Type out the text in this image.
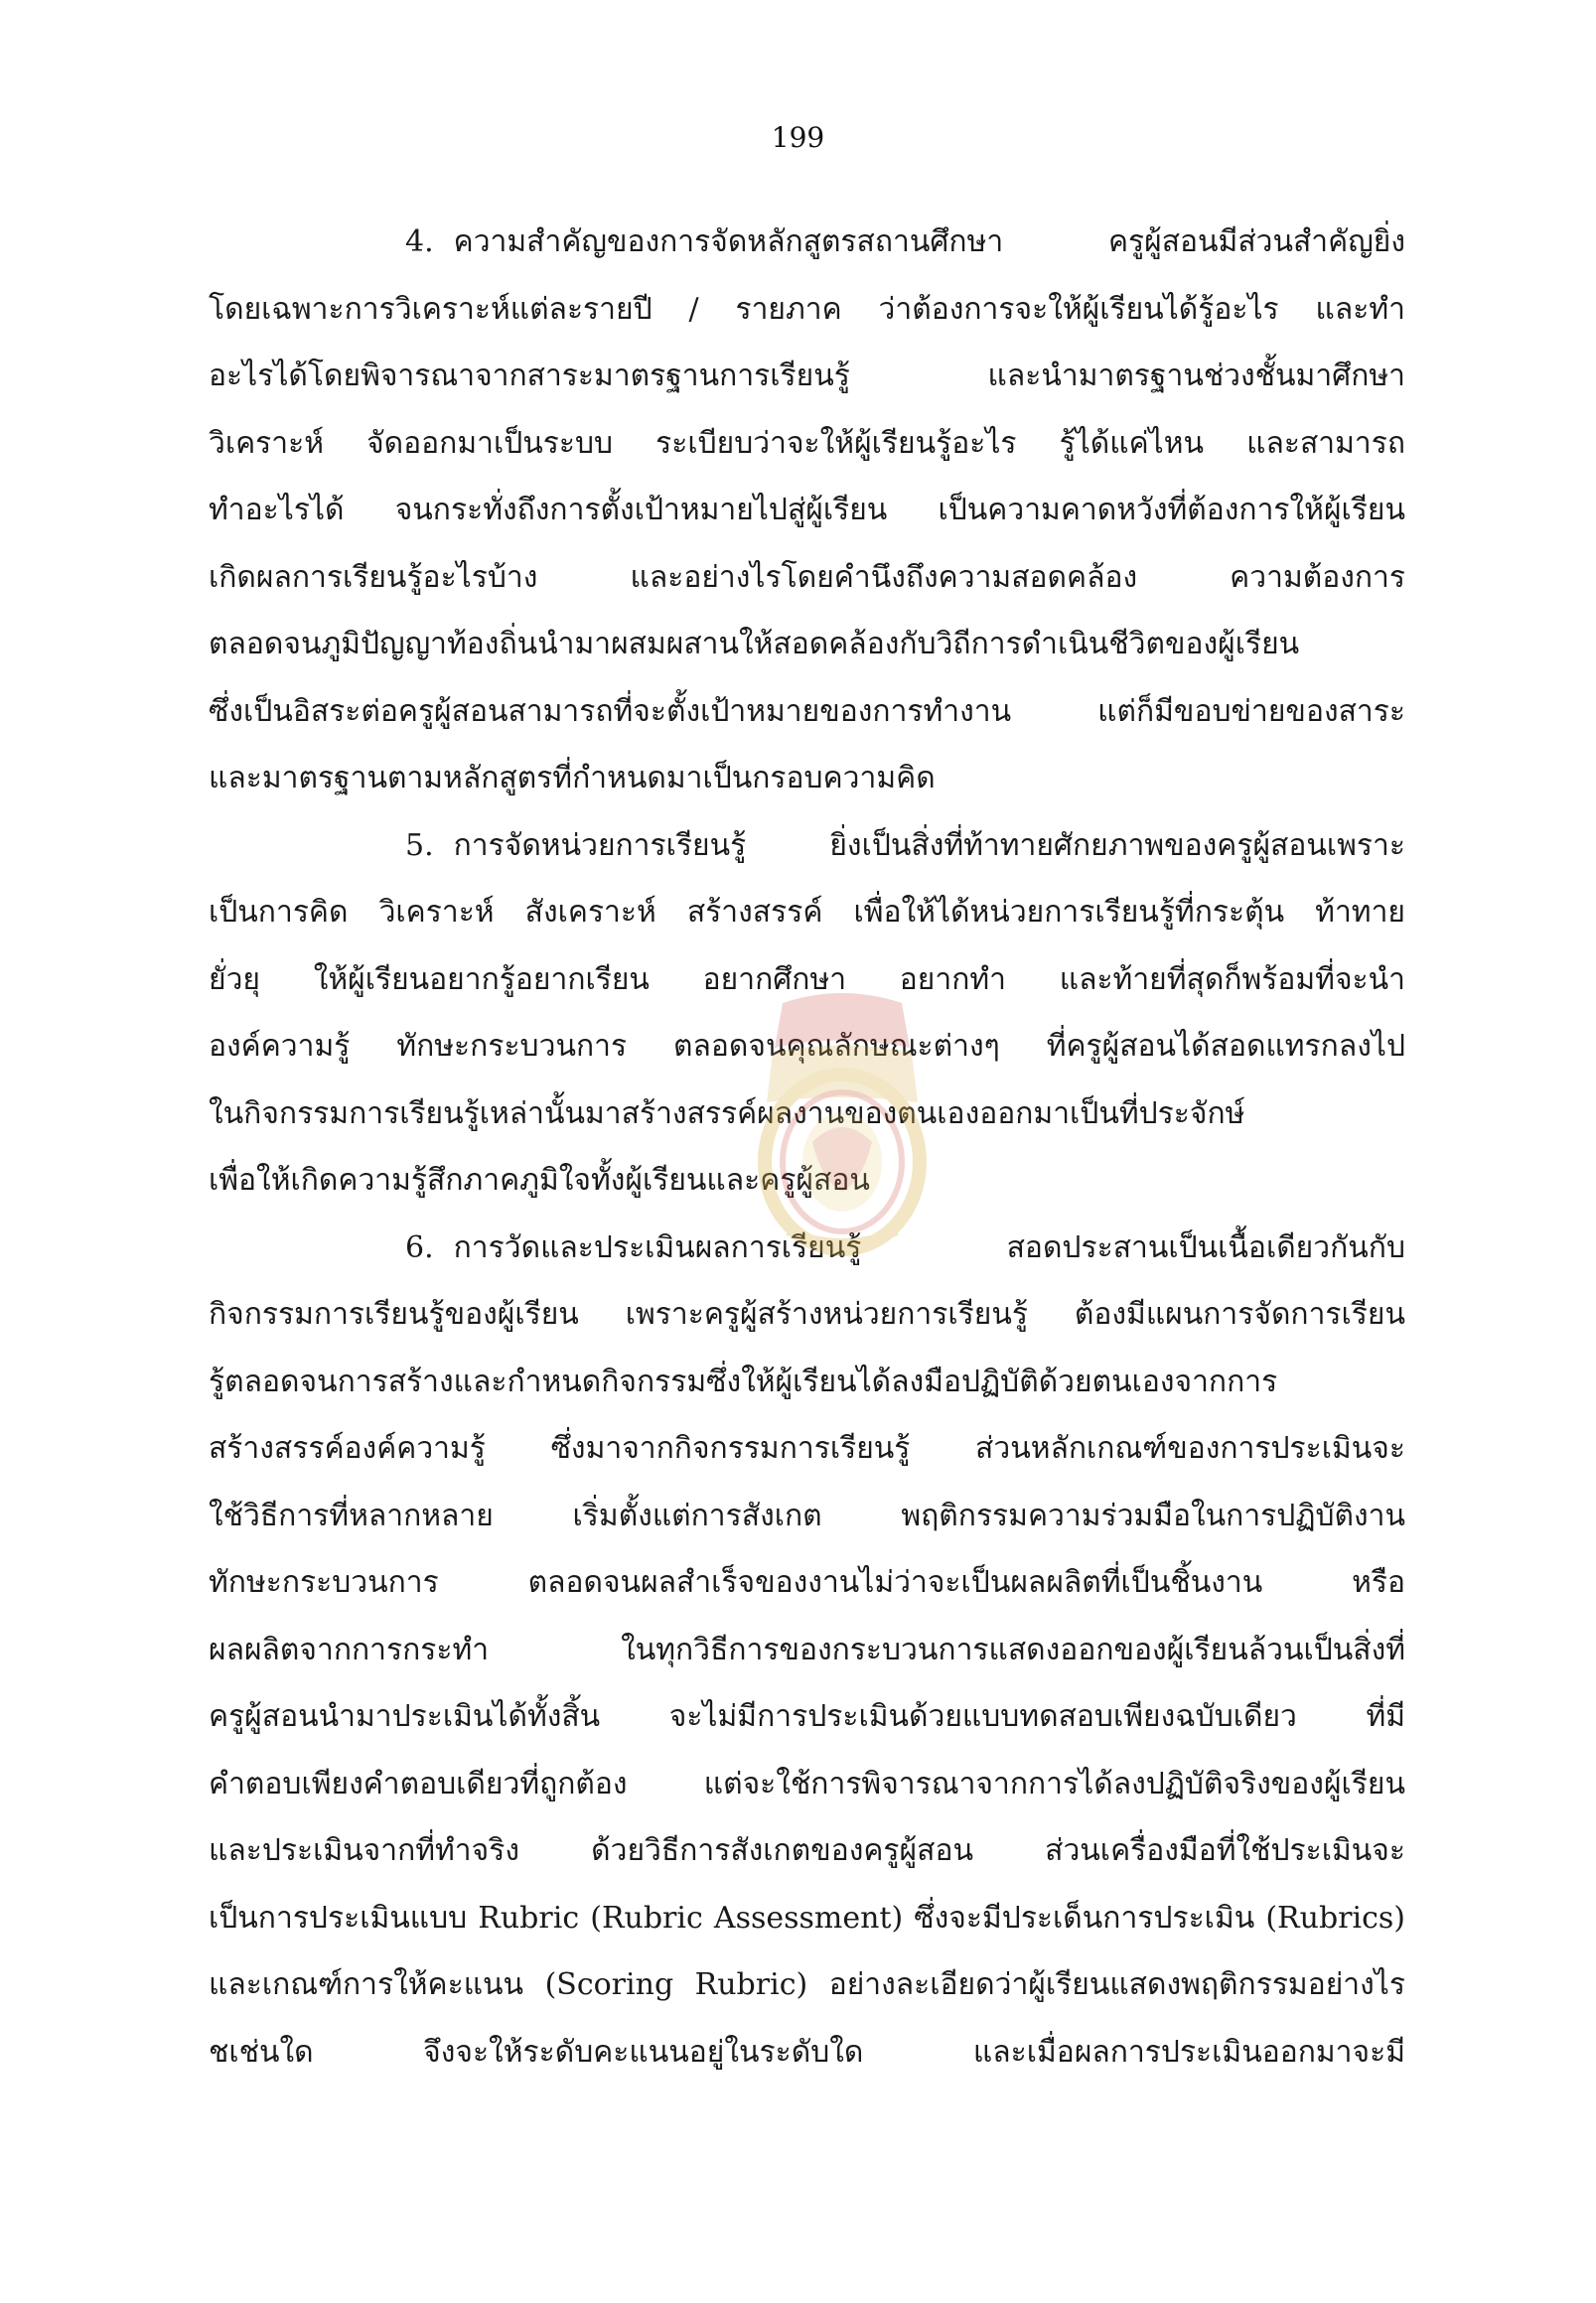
199
4. ความสำคัญของการจัดหลักสูตรสถานศึกษา ครูผู้สอนมีส่วนสำคัญยิ่ง
โดยเฉพาะการวิเคราะห์แต่ละรายปี / รายภาค ว่าต้องการจะให้ผู้เรียนได้รู้อะไร และทำ
อะไรได้โดยพิจารณาจากสาระมาตรฐานการเรียนรู้ และนำมาตรฐานช่วงชั้นมาศึกษา
วิเคราะห์ จัดออกมาเป็นระบบ ระเบียบว่าจะให้ผู้เรียนรู้อะไร รู้ได้แค่ไหน และสามารถ
ทำอะไรได้ จนกระทั่งถึงการตั้งเป้าหมายไปสู่ผู้เรียน เป็นความคาดหวังที่ต้องการให้ผู้เรียน
เกิดผลการเรียนรู้อะไรบ้าง และอย่างไรโดยคำนึงถึงความสอดคล้อง ความต้องการ
ตลอดจนภูมิปัญญาท้องถิ่นนำมาผสมผสานให้สอดคล้องกับวิถีการดำเนินชีวิตของผู้เรียน
ซึ่งเป็นอิสระต่อครูผู้สอนสามารถที่จะตั้งเป้าหมายของการทำงาน แต่ก็มีขอบข่ายของสาระ
และมาตรฐานตามหลักสูตรที่กำหนดมาเป็นกรอบความคิด
5. การจัดหน่วยการเรียนรู้ ยิ่งเป็นสิ่งที่ท้าทายศักยภาพของครูผู้สอนเพราะ
เป็นการคิด วิเคราะห์ สังเคราะห์ สร้างสรรค์ เพื่อให้ได้หน่วยการเรียนรู้ที่กระตุ้น ท้าทาย
ยั่วยุ ให้ผู้เรียนอยากรู้อยากเรียน อยากศึกษา อยากทำ และท้ายที่สุดก็พร้อมที่จะนำ
องค์ความรู้ ทักษะกระบวนการ ตลอดจนคุณลักษณะต่างๆ ที่ครูผู้สอนได้สอดแทรกลงไป
ในกิจกรรมการเรียนรู้เหล่านั้นมาสร้างสรรค์ผลงานของตนเองออกมาเป็นที่ประจักษ์
เพื่อให้เกิดความรู้สึกภาคภูมิใจทั้งผู้เรียนและครูผู้สอน
6. การวัดและประเมินผลการเรียนรู้ สอดประสานเป็นเนื้อเดียวกันกับ
กิจกรรมการเรียนรู้ของผู้เรียน เพราะครูผู้สร้างหน่วยการเรียนรู้ ต้องมีแผนการจัดการเรียน
รู้ตลอดจนการสร้างและกำหนดกิจกรรมซึ่งให้ผู้เรียนได้ลงมือปฏิบัติด้วยตนเองจากการ
สร้างสรรค์องค์ความรู้ ซึ่งมาจากกิจกรรมการเรียนรู้ ส่วนหลักเกณฑ์ของการประเมินจะ
ใช้วิธีการที่หลากหลาย เริ่มตั้งแต่การสังเกต พฤติกรรมความร่วมมือในการปฏิบัติงาน
ทักษะกระบวนการ ตลอดจนผลสำเร็จของงานไม่ว่าจะเป็นผลผลิตที่เป็นชิ้นงาน หรือ
ผลผลิตจากการกระทำ ในทุกวิธีการของกระบวนการแสดงออกของผู้เรียนล้วนเป็นสิ่งที่
ครูผู้สอนนำมาประเมินได้ทั้งสิ้น จะไม่มีการประเมินด้วยแบบทดสอบเพียงฉบับเดียว ที่มี
คำตอบเพียงคำตอบเดียวที่ถูกต้อง แต่จะใช้การพิจารณาจากการได้ลงปฏิบัติจริงของผู้เรียน
และประเมินจากที่ทำจริง ด้วยวิธีการสังเกตของครูผู้สอน ส่วนเครื่องมือที่ใช้ประเมินจะ
เป็นการประเมินแบบ Rubric (Rubric Assessment) ซึ่งจะมีประเด็นการประเมิน (Rubrics)
และเกณฑ์การให้คะแนน (Scoring Rubric) อย่างละเอียดว่าผู้เรียนแสดงพฤติกรรมอย่างไร
ชเช่นใด จึงจะให้ระดับคะแนนอยู่ในระดับใด และเมื่อผลการประเมินออกมาจะมี
